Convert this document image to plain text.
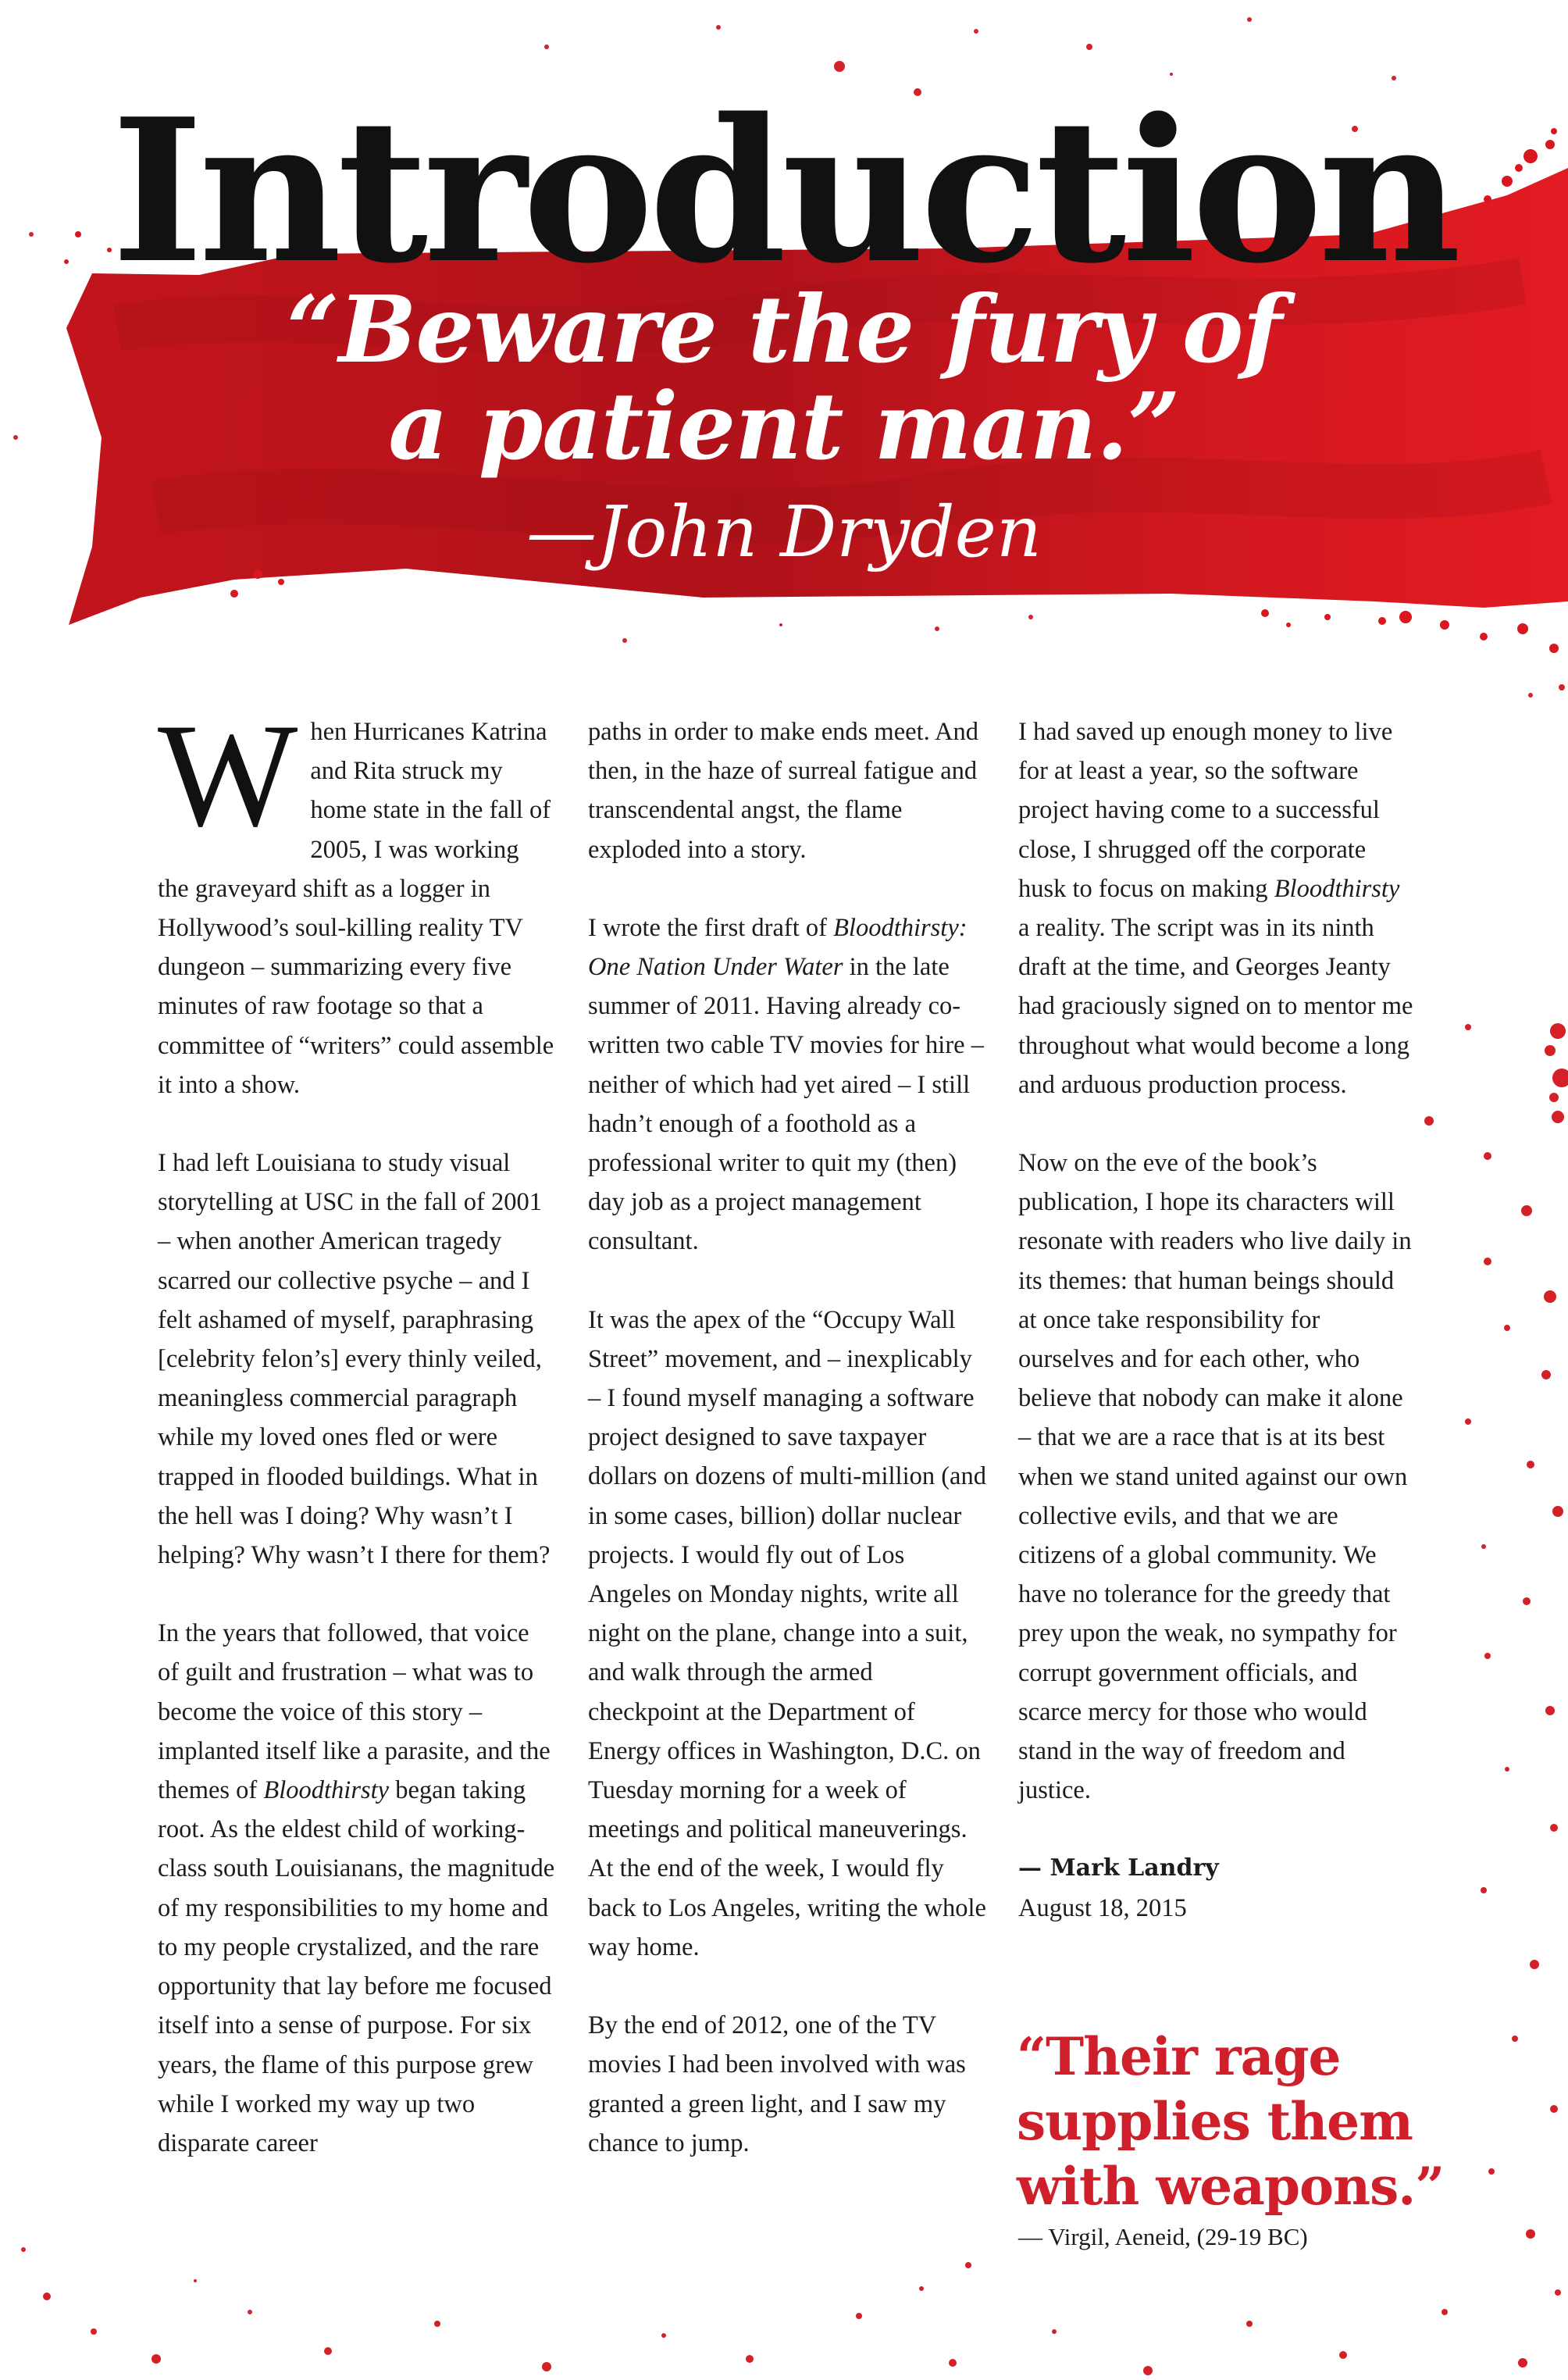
Introduction
“Beware the fury of
a patient man.”
—John Dryden

When Hurricanes Katrina and Rita struck my home state in the fall of 2005, I was working the graveyard shift as a logger in Hollywood’s soul-killing reality TV dungeon – summarizing every five minutes of raw footage so that a committee of “writers” could assemble it into a show.

I had left Louisiana to study visual storytelling at USC in the fall of 2001 – when another American tragedy scarred our collective psyche – and I felt ashamed of myself, paraphrasing [celebrity felon’s] every thinly veiled, meaningless commercial paragraph while my loved ones fled or were trapped in flooded buildings. What in the hell was I doing? Why wasn’t I helping? Why wasn’t I there for them?

In the years that followed, that voice of guilt and frustration – what was to become the voice of this story – implanted itself like a parasite, and the themes of Bloodthirsty began taking root. As the eldest child of working-class south Louisianans, the magnitude of my responsibilities to my home and to my people crystalized, and the rare opportunity that lay before me focused itself into a sense of purpose. For six years, the flame of this purpose grew while I worked my way up two disparate career

paths in order to make ends meet. And then, in the haze of surreal fatigue and transcendental angst, the flame exploded into a story.

I wrote the first draft of Bloodthirsty: One Nation Under Water in the late summer of 2011. Having already co-written two cable TV movies for hire – neither of which had yet aired – I still hadn’t enough of a foothold as a professional writer to quit my (then) day job as a project management consultant.

It was the apex of the “Occupy Wall Street” movement, and – inexplicably – I found myself managing a software project designed to save taxpayer dollars on dozens of multi-million (and in some cases, billion) dollar nuclear projects. I would fly out of Los Angeles on Monday nights, write all night on the plane, change into a suit, and walk through the armed checkpoint at the Department of Energy offices in Washington, D.C. on Tuesday morning for a week of meetings and political maneuverings. At the end of the week, I would fly back to Los Angeles, writing the whole way home.

By the end of 2012, one of the TV movies I had been involved with was granted a green light, and I saw my chance to jump.

I had saved up enough money to live for at least a year, so the software project having come to a successful close, I shrugged off the corporate husk to focus on making Bloodthirsty a reality. The script was in its ninth draft at the time, and Georges Jeanty had graciously signed on to mentor me throughout what would become a long and arduous production process.

Now on the eve of the book’s publication, I hope its characters will resonate with readers who live daily in its themes: that human beings should at once take responsibility for ourselves and for each other, who believe that nobody can make it alone – that we are a race that is at its best when we stand united against our own collective evils, and that we are citizens of a global community. We have no tolerance for the greedy that prey upon the weak, no sympathy for corrupt government officials, and scarce mercy for those who would stand in the way of freedom and justice.

— Mark Landry
August 18, 2015

“Their rage
supplies them
with weapons.”
— Virgil, Aeneid, (29-19 BC)
